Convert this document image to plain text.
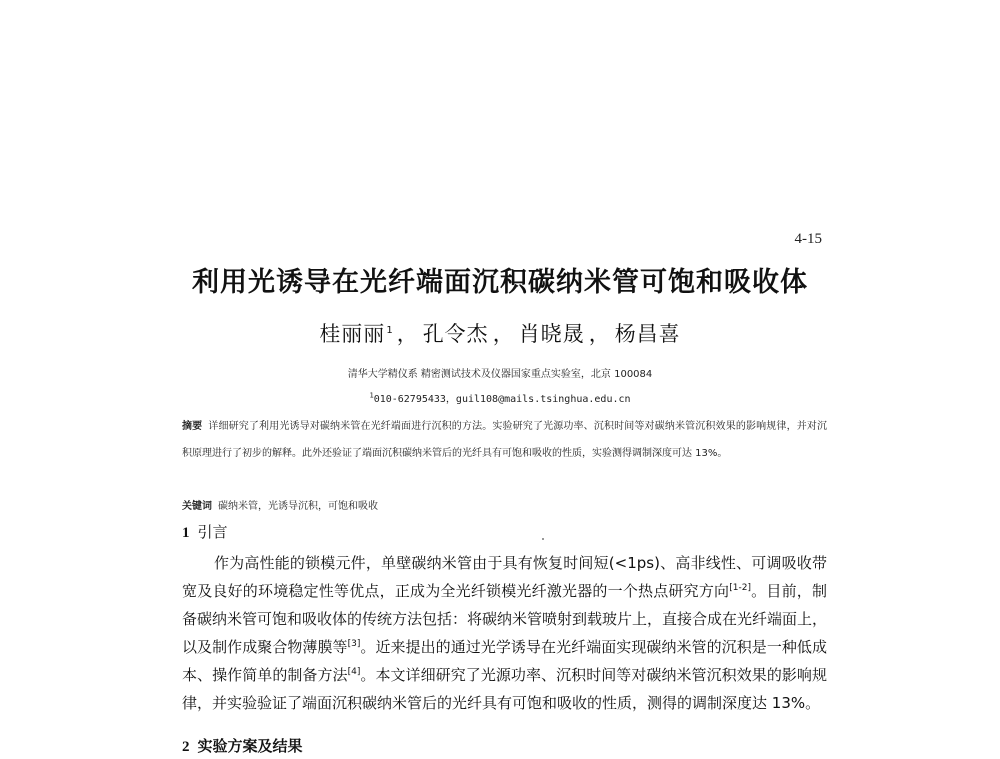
4-15
利用光诱导在光纤端面沉积碳纳米管可饱和吸收体
桂丽丽$^1$ ， 孔令杰 ， 肖晓晟 ， 杨昌喜
清华大学精仪系 精密测试技术及仪器国家重点实验室，北京 100084
$^1$010-62795433，guil108@mails.tsinghua.edu.cn
摘要 详细研究了利用光诱导对碳纳米管在光纤端面进行沉积的方法。实验研究了光源功率、沉积时间等对碳纳米管沉积效果的影响规律，并对沉积原理进行了初步的解释。此外还验证了端面沉积碳纳米管后的光纤具有可饱和吸收的性质，实验测得调制深度可达 13%。
关键词 碳纳米管，光诱导沉积，可饱和吸收
1 引言
作为高性能的锁模元件，单壁碳纳米管由于具有恢复时间短(<1ps)、高非线性、可调吸收带宽及良好的环境稳定性等优点，正成为全光纤锁模光纤激光器的一个热点研究方向[1-2]。目前，制备碳纳米管可饱和吸收体的传统方法包括：将碳纳米管喷射到载玻片上，直接合成在光纤端面上，以及制作成聚合物薄膜等[3]。近来提出的通过光学诱导在光纤端面实现碳纳米管的沉积是一种低成本、操作简单的制备方法[4]。本文详细研究了光源功率、沉积时间等对碳纳米管沉积效果的影响规律，并实验验证了端面沉积碳纳米管后的光纤具有可饱和吸收的性质，测得的调制深度达 13%。
2 实验方案及结果
